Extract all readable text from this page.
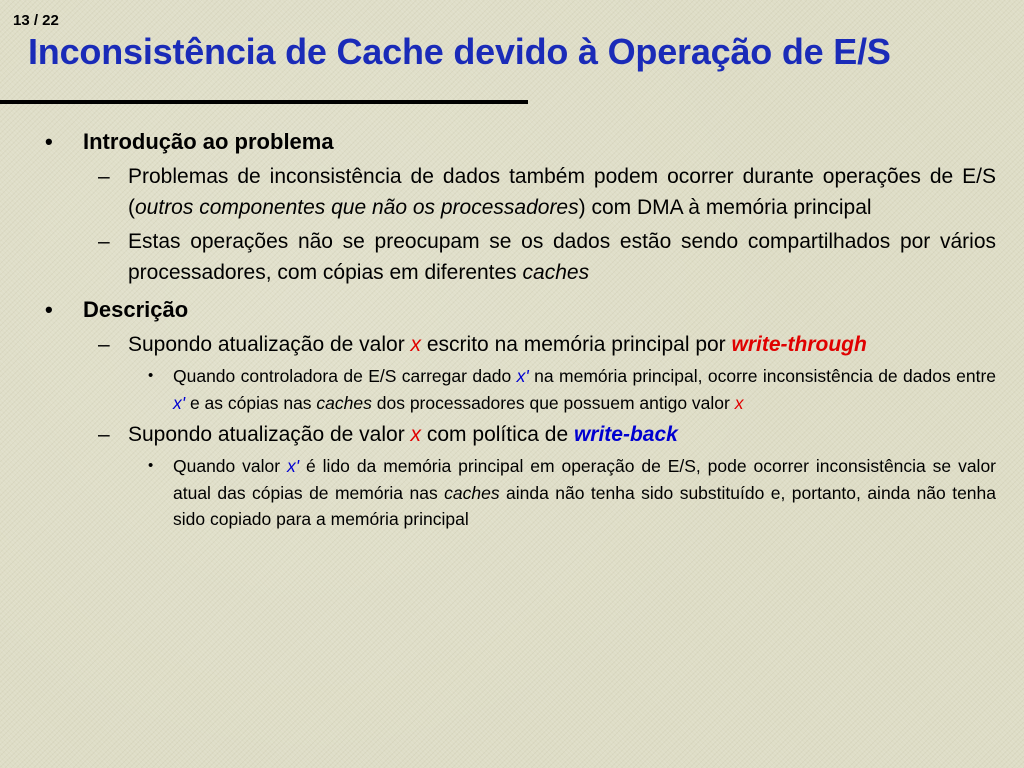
13 / 22
Inconsistência de Cache devido à Operação de E/S
• Introdução ao problema
– Problemas de inconsistência de dados também podem ocorrer durante operações de E/S (outros componentes que não os processadores) com DMA à memória principal
– Estas operações não se preocupam se os dados estão sendo compartilhados por vários processadores, com cópias em diferentes caches
• Descrição
– Supondo atualização de valor x escrito na memória principal por write-through
• Quando controladora de E/S carregar dado x' na memória principal, ocorre inconsistência de dados entre x' e as cópias nas caches dos processadores que possuem antigo valor x
– Supondo atualização de valor x com política de write-back
• Quando valor x' é lido da memória principal em operação de E/S, pode ocorrer inconsistência se valor atual das cópias de memória nas caches ainda não tenha sido substituído e, portanto, ainda não tenha sido copiado para a memória principal
